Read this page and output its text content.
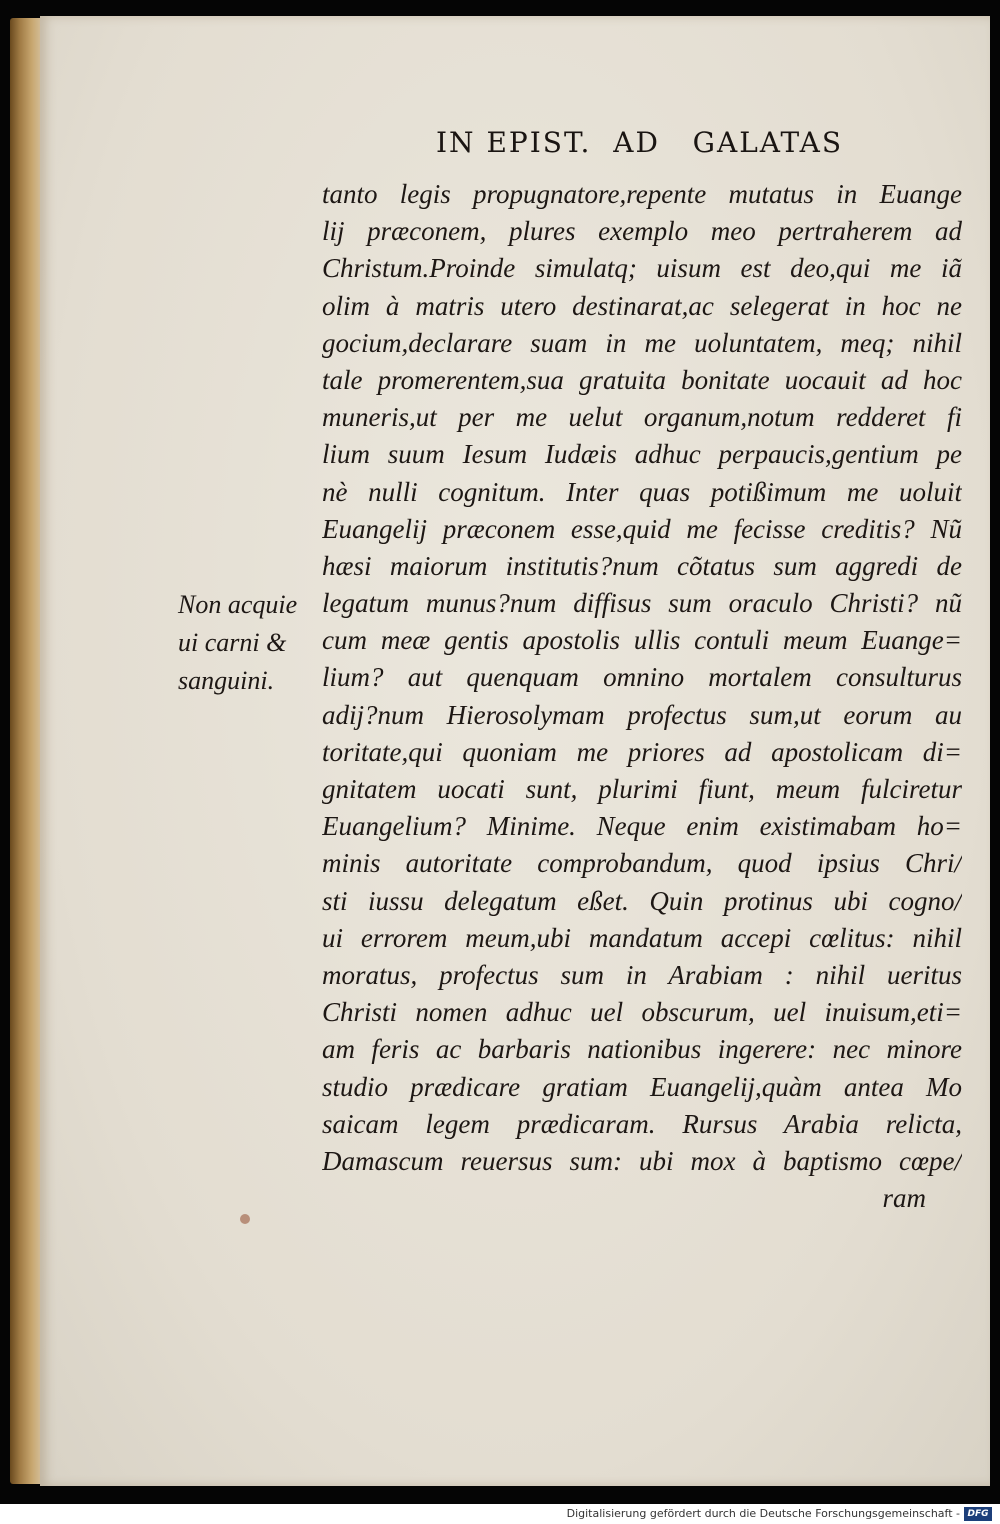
IN EPIST.  AD   GALATAS
tanto legis propugnatore,repente mutatus in Euange
lij præconem, plures exemplo meo pertraherem ad
Christum.Proinde simulatq; uisum est deo,qui me iã
olim à matris utero destinarat,ac selegerat in hoc ne
gocium,declarare suam in me uoluntatem, meq; nihil
tale promerentem,sua gratuita bonitate uocauit ad hoc
muneris,ut per me uelut organum,notum redderet fi
lium suum Iesum Iudæis adhuc perpaucis,gentium pe
nè nulli cognitum. Inter quas potißimum me uoluit
Euangelij præconem esse,quid me fecisse creditis? Nũ
hæsi maiorum institutis?num cõtatus sum aggredi de
legatum munus?num diffisus sum oraculo Christi? nũ
cum meæ gentis apostolis ullis contuli meum Euange=
lium? aut quenquam omnino mortalem consulturus
adij?num Hierosolymam profectus sum,ut eorum au
toritate,qui quoniam me priores ad apostolicam di=
gnitatem uocati sunt, plurimi fiunt, meum fulciretur
Euangelium? Minime. Neque enim existimabam ho=
minis autoritate comprobandum, quod ipsius Chri/
sti iussu delegatum eßet. Quin protinus ubi cogno/
ui errorem meum,ubi mandatum accepi cœlitus: nihil
moratus, profectus sum in Arabiam : nihil ueritus
Christi nomen adhuc uel obscurum, uel inuisum,eti=
am feris ac barbaris nationibus ingerere: nec minore
studio prædicare gratiam Euangelij,quàm antea Mo
saicam legem prædicaram. Rursus Arabia relicta,
Damascum reuersus sum: ubi mox à baptismo cœpe/
ram
Non acquie
ui carni &
sanguini.
Digitalisierung gefördert durch die Deutsche Forschungsgemeinschaft - DFG
